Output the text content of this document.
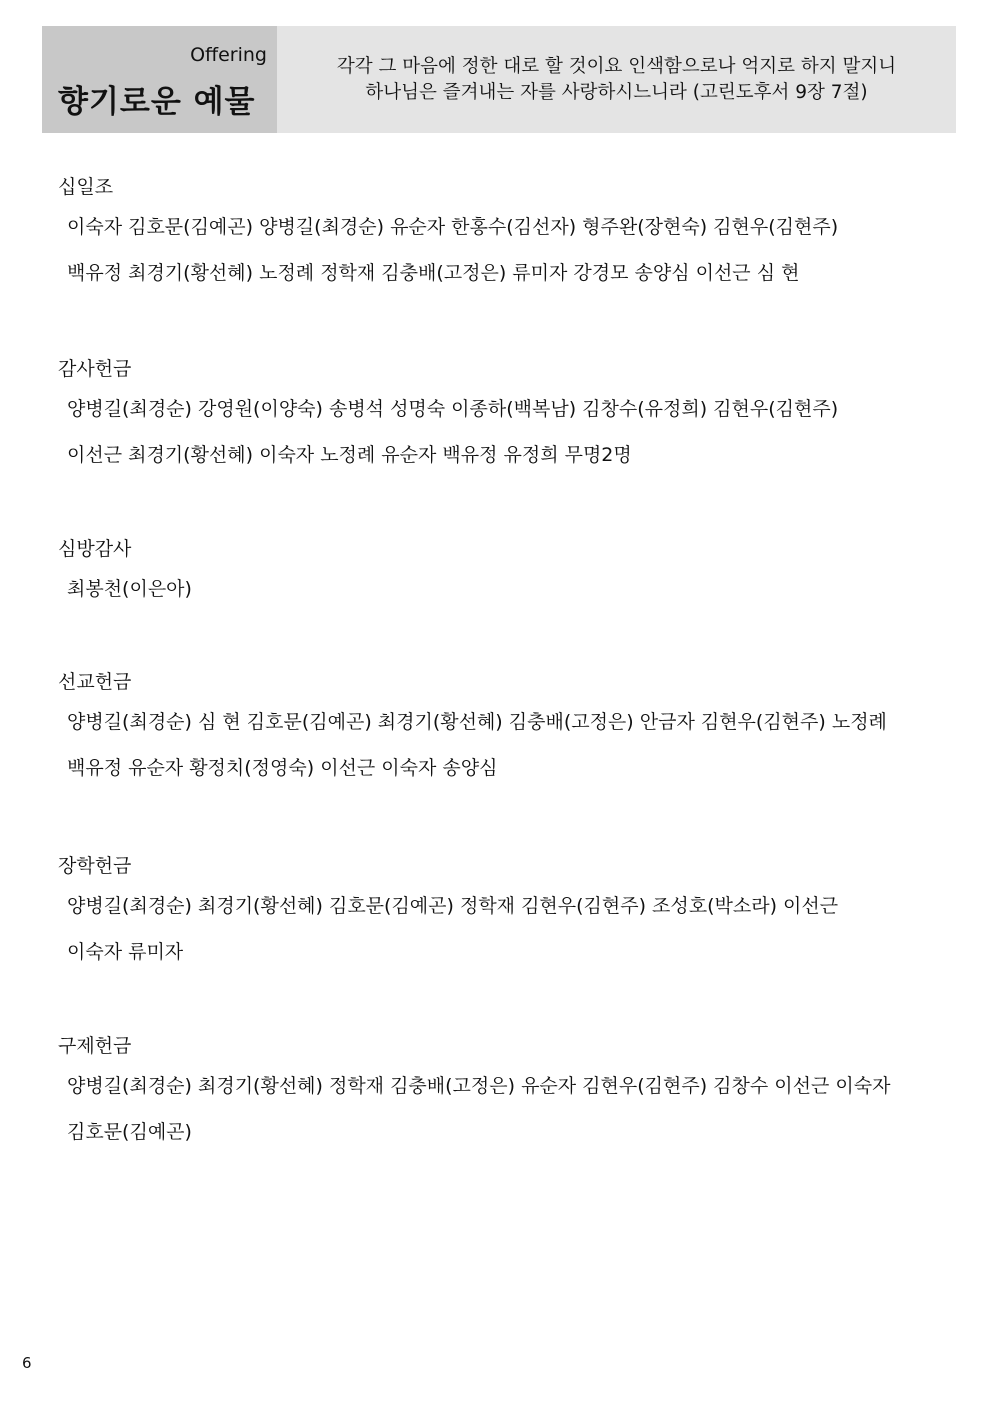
Offering
향기로운 예물
각각 그 마음에 정한 대로 할 것이요 인색함으로나 억지로 하지 말지니
하나님은 즐겨내는 자를 사랑하시느니라 (고린도후서 9장 7절)
십일조
이숙자 김호문(김예곤) 양병길(최경순) 유순자 한홍수(김선자) 형주완(장현숙) 김현우(김현주)
백유정 최경기(황선혜) 노정례 정학재 김충배(고정은) 류미자 강경모 송양심 이선근 심 현
감사헌금
양병길(최경순) 강영원(이양숙) 송병석 성명숙 이종하(백복남) 김창수(유정희) 김현우(김현주)
이선근 최경기(황선혜) 이숙자 노정례 유순자 백유정 유정희 무명2명
심방감사
최봉천(이은아)
선교헌금
양병길(최경순) 심 현 김호문(김예곤) 최경기(황선혜) 김충배(고정은) 안금자 김현우(김현주) 노정례
백유정 유순자 황정치(정영숙) 이선근 이숙자 송양심
장학헌금
양병길(최경순) 최경기(황선혜) 김호문(김예곤) 정학재 김현우(김현주) 조성호(박소라) 이선근
이숙자 류미자
구제헌금
양병길(최경순) 최경기(황선혜) 정학재 김충배(고정은) 유순자 김현우(김현주) 김창수 이선근 이숙자
김호문(김예곤)
6
